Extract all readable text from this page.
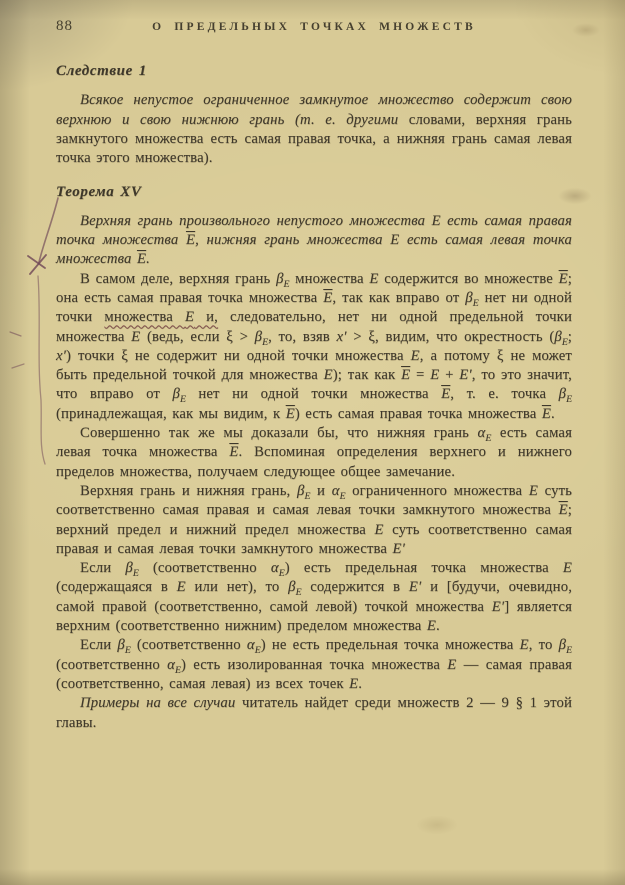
88	О ПРЕДЕЛЬНЫХ ТОЧКАХ МНОЖЕСТВ
Следствие 1

Всякое непустое ограниченное замкнутое множество содержит свою верхнюю и свою нижнюю грань (т. е. другими словами, верхняя грань замкнутого множества есть самая правая точка, а нижняя грань самая левая точка этого множества).

Теорема XV

Верхняя грань произвольного непустого множества E есть самая правая точка множества $\overline{E}$, нижняя грань множества E есть самая левая точка множества $\overline{E}$.

В самом деле, верхняя грань $\beta_E$ множества E содержится во множестве $\overline{E}$; она есть самая правая точка множества $\overline{E}$, так как вправо от $\beta_E$ нет ни одной точки множества E и, следовательно, нет ни одной предельной точки множества E (ведь, если $\xi > \beta_E$, то, взяв x′ > ξ, видим, что окрестность ($\beta_E$; x′) точки ξ не содержит ни одной точки множества E, а потому ξ не может быть предельной точкой для множества E); так как $\overline{E} = E + E'$, то это значит, что вправо от $\beta_E$ нет ни одной точки множества $\overline{E}$, т. е. точка $\beta_E$ (принадлежащая, как мы видим, к $\overline{E}$) есть самая правая точка множества $\overline{E}$.

Совершенно так же мы доказали бы, что нижняя грань $\alpha_E$ есть самая левая точка множества $\overline{E}$. Вспоминая определения верхнего и нижнего пределов множества, получаем следующее общее замечание.

Верхняя грань и нижняя грань, $\beta_E$ и $\alpha_E$ ограниченного множества E суть соответственно самая правая и самая левая точки замкнутого множества $\overline{E}$; верхний предел и нижний предел множества E суть соответственно самая правая и самая левая точки замкнутого множества E′

Если $\beta_E$ (соответственно $\alpha_E$) есть предельная точка множества E (содержащаяся в E или нет), то $\beta_E$ содержится в E′ и [будучи, очевидно, самой правой (соответственно, самой левой) точкой множества E′] является верхним (соответственно нижним) пределом множества E.

Если $\beta_E$ (соответственно $\alpha_E$) не есть предельная точка множества E, то $\beta_E$ (соответственно $\alpha_E$) есть изолированная точка множества E — самая правая (соответственно, самая левая) из всех точек E.

Примеры на все случаи читатель найдет среди множеств 2 — 9 § 1 этой главы.
